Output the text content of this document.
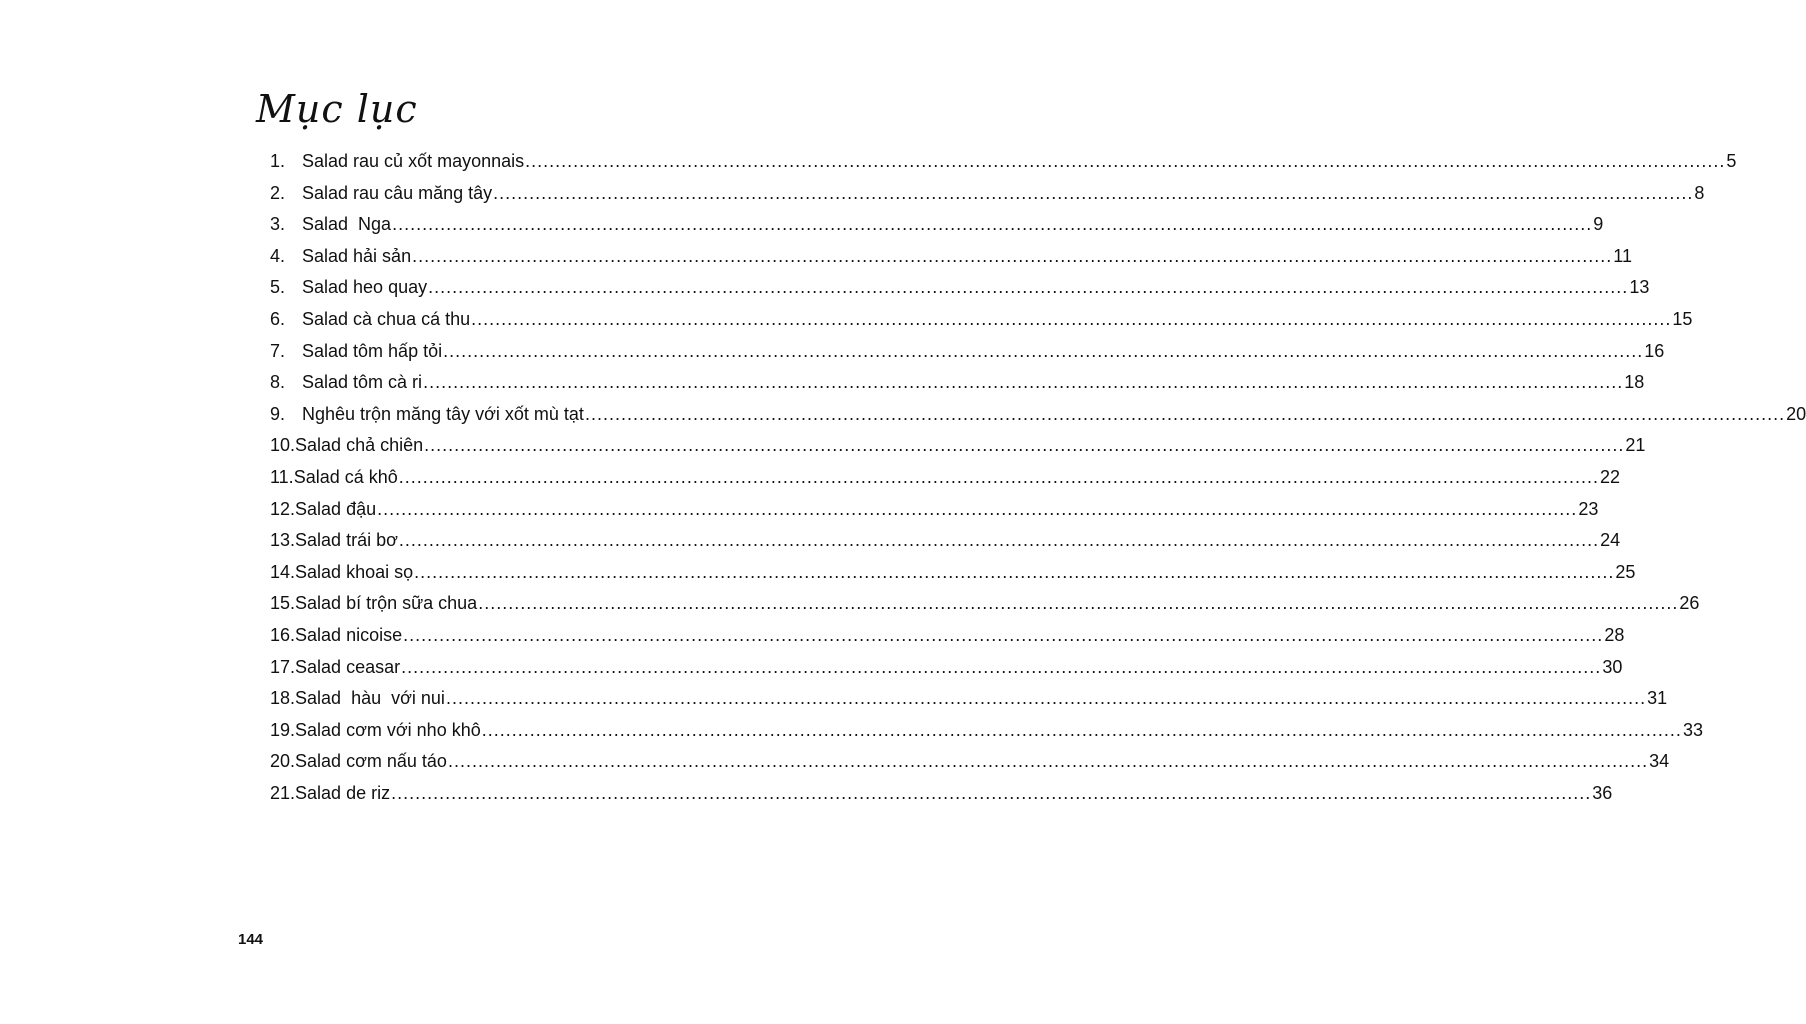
Mục lục
1. Salad rau củ xốt mayonnais ........................................................................................................................................................................................................ 5
2. Salad rau câu măng tây ........................................................................................................................................................................................................ 8
3. Salad  Nga ........................................................................................................................................................................................................ 9
4. Salad hải sản ........................................................................................................................................................................................................ 11
5. Salad heo quay ........................................................................................................................................................................................................ 13
6. Salad cà chua cá thu ........................................................................................................................................................................................................ 15
7. Salad tôm hấp tỏi ........................................................................................................................................................................................................ 16
8. Salad tôm cà ri ........................................................................................................................................................................................................ 18
9. Nghêu trộn măng tây với xốt mù tạt ........................................................................................................................................................................................................ 20
10. Salad chả chiên ........................................................................................................................................................................................................ 21
11. Salad cá khô ........................................................................................................................................................................................................ 22
12. Salad đậu ........................................................................................................................................................................................................ 23
13. Salad trái bơ ........................................................................................................................................................................................................ 24
14. Salad khoai sọ ........................................................................................................................................................................................................ 25
15. Salad bí trộn sữa chua ........................................................................................................................................................................................................ 26
16. Salad nicoise ........................................................................................................................................................................................................ 28
17. Salad ceasar ........................................................................................................................................................................................................ 30
18. Salad  hàu  với nui ........................................................................................................................................................................................................ 31
19. Salad cơm với nho khô ........................................................................................................................................................................................................ 33
20. Salad cơm nấu táo ........................................................................................................................................................................................................ 34
21. Salad de riz ........................................................................................................................................................................................................ 36
144
